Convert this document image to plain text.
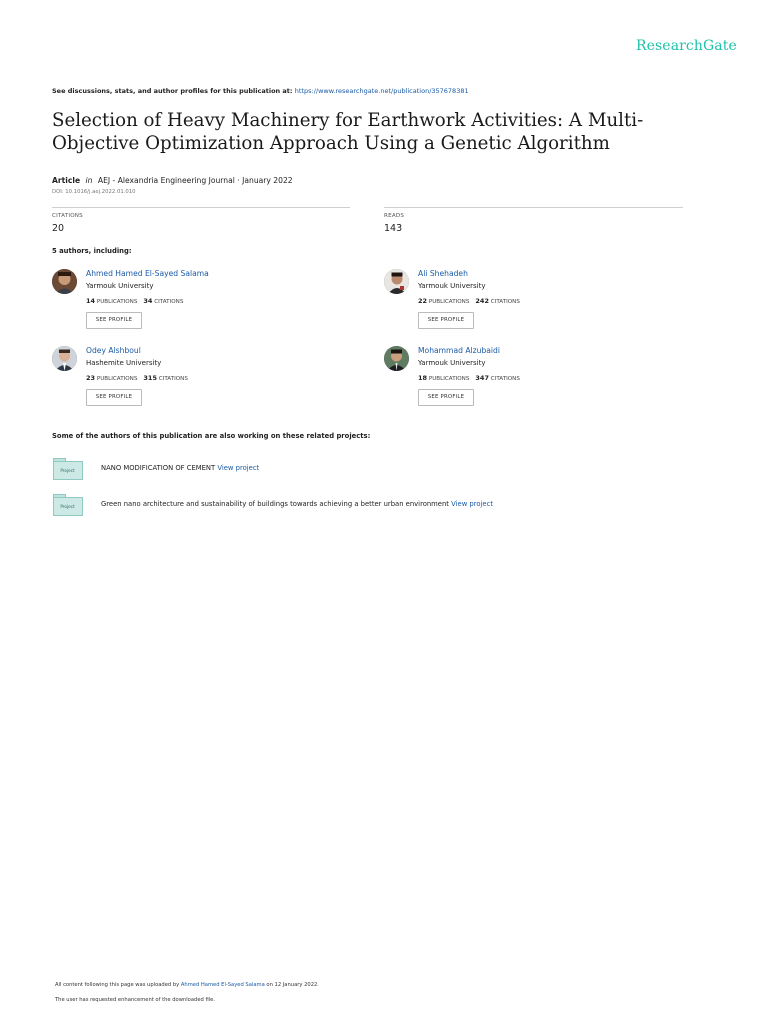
ResearchGate
See discussions, stats, and author profiles for this publication at: https://www.researchgate.net/publication/357678381
Selection of Heavy Machinery for Earthwork Activities: A Multi-Objective Optimization Approach Using a Genetic Algorithm
Article in AEJ - Alexandria Engineering Journal · January 2022
DOI: 10.1016/j.aej.2022.01.010
CITATIONS
20
READS
143
5 authors, including:
Ahmed Hamed El-Sayed Salama
Yarmouk University
14 PUBLICATIONS 34 CITATIONS
SEE PROFILE
Ali Shehadeh
Yarmouk University
22 PUBLICATIONS 242 CITATIONS
SEE PROFILE
Odey Alshboul
Hashemite University
23 PUBLICATIONS 315 CITATIONS
SEE PROFILE
Mohammad Alzubaidi
Yarmouk University
18 PUBLICATIONS 347 CITATIONS
SEE PROFILE
Some of the authors of this publication are also working on these related projects:
Project	NANO MODIFICATION OF CEMENT View project
Project	Green nano architecture and sustainability of buildings towards achieving a better urban environment View project
All content following this page was uploaded by Ahmed Hamed El-Sayed Salama on 12 January 2022.
The user has requested enhancement of the downloaded file.
